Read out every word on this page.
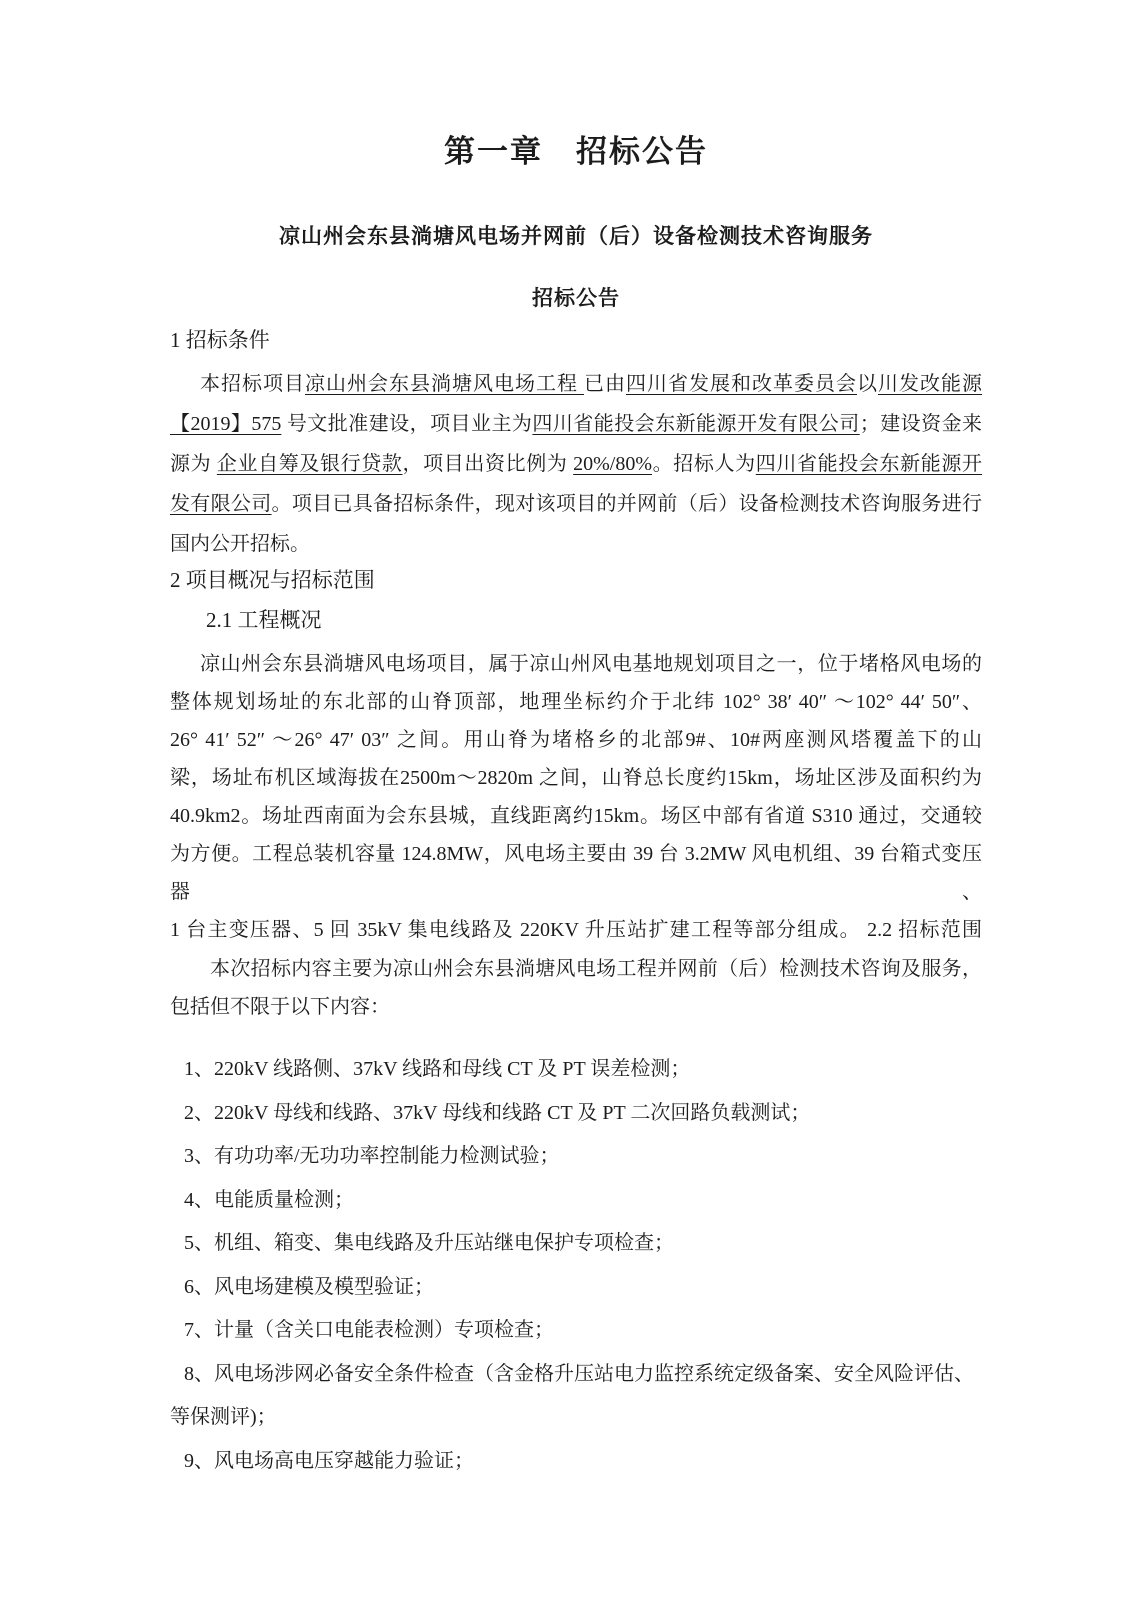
第一章　招标公告
凉山州会东县淌塘风电场并网前（后）设备检测技术咨询服务
招标公告
1 招标条件
本招标项目凉山州会东县淌塘风电场工程 已由四川省发展和改革委员会以川发改能源
【2019】575 号文批准建设，项目业主为四川省能投会东新能源开发有限公司；建设资金来
源为 企业自筹及银行贷款，项目出资比例为 20%/80%。招标人为四川省能投会东新能源开
发有限公司。项目已具备招标条件，现对该项目的并网前（后）设备检测技术咨询服务进行
国内公开招标。
2 项目概况与招标范围
2.1 工程概况
凉山州会东县淌塘风电场项目，属于凉山州风电基地规划项目之一，位于堵格风电场的
整体规划场址的东北部的山脊顶部，地理坐标约介于北纬 102° 38′ 40″ ～102° 44′ 50″、
26° 41′ 52″ ～26° 47′ 03″ 之间。用山脊为堵格乡的北部9#、10#两座测风塔覆盖下的山
梁，场址布机区域海拔在2500m～2820m 之间，山脊总长度约15km，场址区涉及面积约为
40.9km2。场址西南面为会东县城，直线距离约15km。场区中部有省道 S310 通过，交通较
为方便。工程总装机容量 124.8MW，风电场主要由 39 台 3.2MW 风电机组、39 台箱式变压器、
1 台主变压器、5 回 35kV 集电线路及 220KV 升压站扩建工程等部分组成。 2.2 招标范围
本次招标内容主要为凉山州会东县淌塘风电场工程并网前（后）检测技术咨询及服务，
包括但不限于以下内容：
1、220kV 线路侧、37kV 线路和母线 CT 及 PT 误差检测；
2、220kV 母线和线路、37kV 母线和线路 CT 及 PT 二次回路负载测试；
3、有功功率/无功功率控制能力检测试验；
4、电能质量检测；
5、机组、箱变、集电线路及升压站继电保护专项检查；
6、风电场建模及模型验证；
7、计量（含关口电能表检测）专项检查；
8、风电场涉网必备安全条件检查（含金格升压站电力监控系统定级备案、安全风险评估、
等保测评)；
9、风电场高电压穿越能力验证；
